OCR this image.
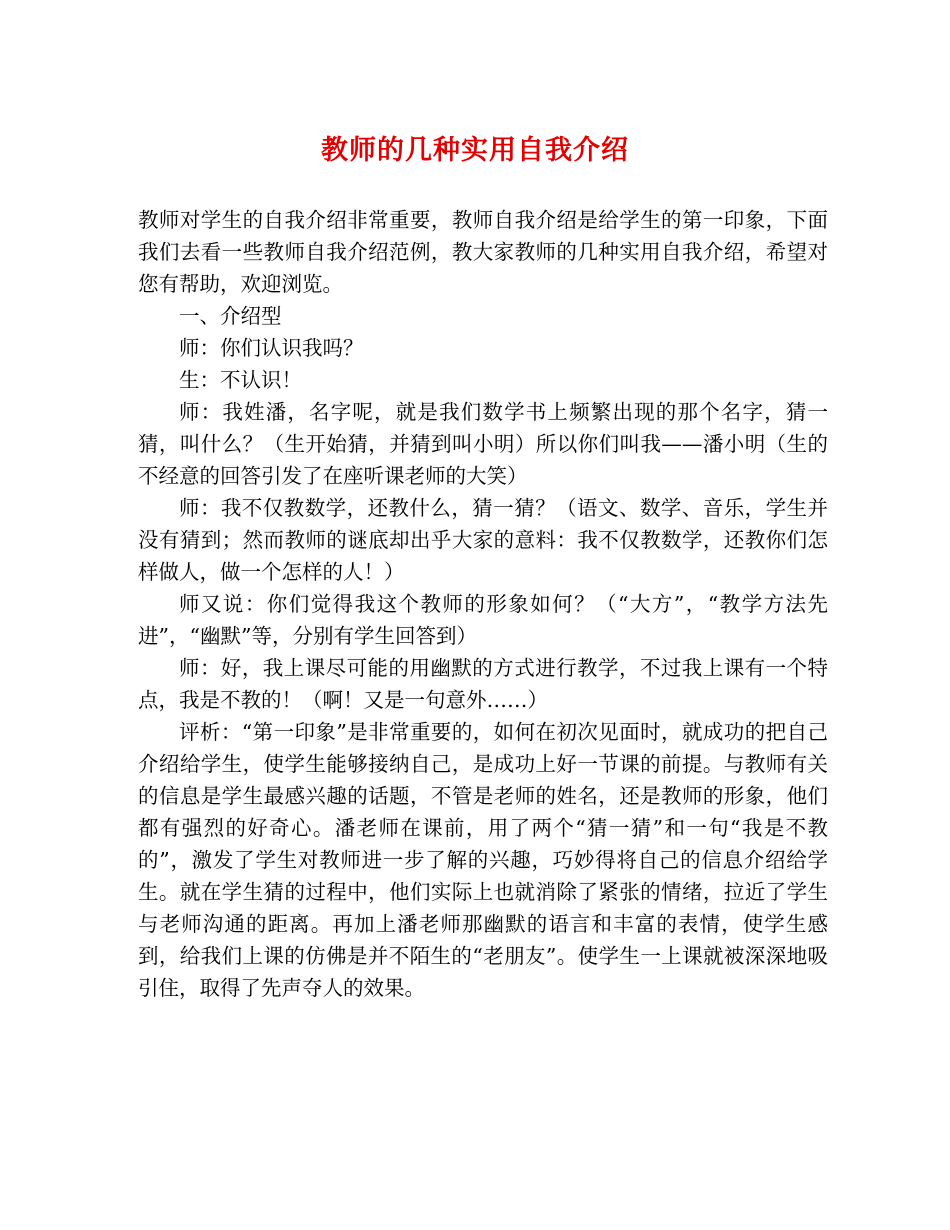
教师的几种实用自我介绍

教师对学生的自我介绍非常重要，教师自我介绍是给学生的第一印象，下面我们去看一些教师自我介绍范例，教大家教师的几种实用自我介绍，希望对您有帮助，欢迎浏览。

一、介绍型

师：你们认识我吗？

生：不认识！

师：我姓潘，名字呢，就是我们数学书上频繁出现的那个名字，猜一猜，叫什么？（生开始猜，并猜到叫小明）所以你们叫我——潘小明（生的不经意的回答引发了在座听课老师的大笑）

师：我不仅教数学，还教什么，猜一猜？（语文、数学、音乐，学生并没有猜到；然而教师的谜底却出乎大家的意料：我不仅教数学，还教你们怎样做人，做一个怎样的人！）

师又说：你们觉得我这个教师的形象如何？（“大方”，“教学方法先进”，“幽默”等，分别有学生回答到）

师：好，我上课尽可能的用幽默的方式进行教学，不过我上课有一个特点，我是不教的！（啊！又是一句意外……）

评析：“第一印象”是非常重要的，如何在初次见面时，就成功的把自己介绍给学生，使学生能够接纳自己，是成功上好一节课的前提。与教师有关的信息是学生最感兴趣的话题，不管是老师的姓名，还是教师的形象，他们都有强烈的好奇心。潘老师在课前，用了两个“猜一猜”和一句“我是不教的”，激发了学生对教师进一步了解的兴趣，巧妙得将自己的信息介绍给学生。就在学生猜的过程中，他们实际上也就消除了紧张的情绪，拉近了学生与老师沟通的距离。再加上潘老师那幽默的语言和丰富的表情，使学生感到，给我们上课的仿佛是并不陌生的“老朋友”。使学生一上课就被深深地吸引住，取得了先声夺人的效果。
